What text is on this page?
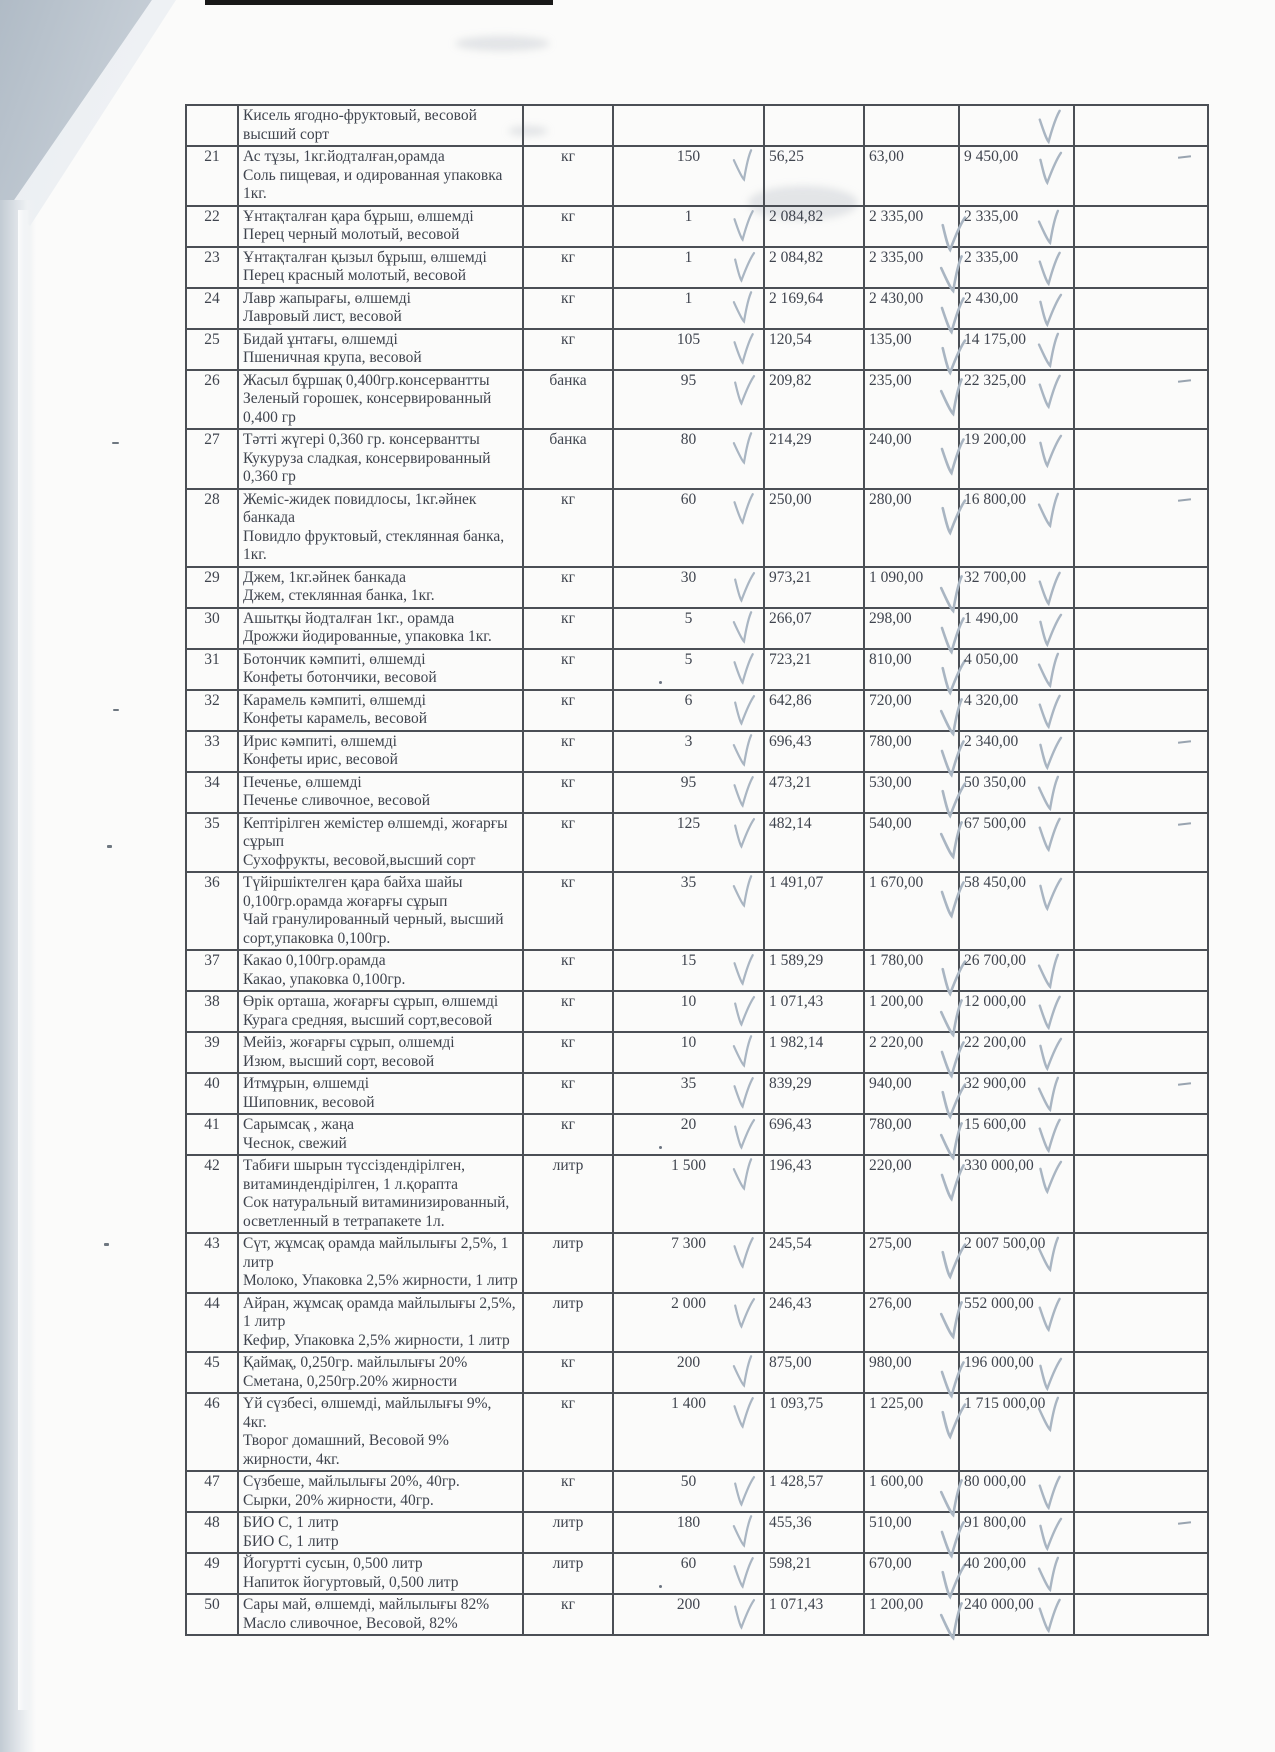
	Кисель ягодно-фруктовый, весовой высший сорт

21	Ас тұзы, 1кг.йодталған,орамда
Соль пищевая, и одированная упаковка 1кг.	кг	150	56,25	63,00	9 450,00

22	Ұнтақталған қара бұрыш, өлшемді
Перец черный молотый, весовой	кг	1	2 084,82	2 335,00	2 335,00

23	Ұнтақталған қызыл бұрыш, өлшемді
Перец красный молотый, весовой	кг	1	2 084,82	2 335,00	2 335,00

24	Лавр жапырағы, өлшемді
Лавровый лист, весовой	кг	1	2 169,64	2 430,00	2 430,00

25	Бидай ұнтағы, өлшемді
Пшеничная крупа, весовой	кг	105	120,54	135,00	14 175,00

26	Жасыл бұршақ 0,400гр.консервантты
Зеленый горошек, консервированный 0,400 гр	банка	95	209,82	235,00	22 325,00

27	Тәтті жүгері 0,360 гр. консервантты
Кукуруза сладкая, консервированный 0,360 гр	банка	80	214,29	240,00	19 200,00

28	Жеміс-жидек повидлосы, 1кг.әйнек банкада
Повидло фруктовый, стеклянная банка, 1кг.	кг	60	250,00	280,00	16 800,00

29	Джем, 1кг.әйнек банкада
Джем, стеклянная банка, 1кг.	кг	30	973,21	1 090,00	32 700,00

30	Ашытқы йодталған 1кг., орамда
Дрожжи йодированные, упаковка 1кг.	кг	5	266,07	298,00	1 490,00

31	Ботончик кәмпиті, өлшемді
Конфеты ботончики, весовой	кг	5	723,21	810,00	4 050,00

32	Карамель кәмпиті, өлшемді
Конфеты карамель, весовой	кг	6	642,86	720,00	4 320,00

33	Ирис кәмпиті, өлшемді
Конфеты ирис, весовой	кг	3	696,43	780,00	2 340,00

34	Печенье, өлшемді
Печенье сливочное, весовой	кг	95	473,21	530,00	50 350,00

35	Кептірілген жемістер өлшемді, жоғарғы сұрып
Сухофрукты, весовой,высший сорт	кг	125	482,14	540,00	67 500,00

36	Түйіршіктелген қара байха шайы 0,100гр.орамда жоғарғы сұрып
Чай гранулированный черный, высший сорт,упаковка 0,100гр.	кг	35	1 491,07	1 670,00	58 450,00

37	Какао 0,100гр.орамда
Какао, упаковка 0,100гр.	кг	15	1 589,29	1 780,00	26 700,00

38	Өрік орташа, жоғарғы сұрып, өлшемді
Курага средняя, высший сорт,весовой	кг	10	1 071,43	1 200,00	12 000,00

39	Мейіз, жоғарғы сұрып, олшемді
Изюм, высший сорт, весовой	кг	10	1 982,14	2 220,00	22 200,00

40	Итмұрын, өлшемді
Шиповник, весовой	кг	35	839,29	940,00	32 900,00

41	Сарымсақ , жаңа
Чеснок, свежий	кг	20	696,43	780,00	15 600,00

42	Табиғи шырын түссіздендірілген, витаминдендірілген, 1 л.қорапта
Сок натуральный витаминизированный, осветленный в тетрапакете 1л.	литр	1 500	196,43	220,00	330 000,00

43	Сүт, жұмсақ орамда майлылығы 2,5%, 1 литр
Молоко, Упаковка 2,5% жирности, 1 литр	литр	7 300	245,54	275,00	2 007 500,00

44	Айран, жұмсақ орамда майлылығы 2,5%, 1 литр
Кефир, Упаковка 2,5% жирности, 1 литр	литр	2 000	246,43	276,00	552 000,00

45	Қаймақ, 0,250гр. майлылығы 20%
Сметана, 0,250гр.20% жирности	кг	200	875,00	980,00	196 000,00

46	Үй сүзбесі, өлшемді, майлылығы 9%, 4кг.
Творог домашний, Весовой 9% жирности, 4кг.	кг	1 400	1 093,75	1 225,00	1 715 000,00

47	Сүзбеше, майлылығы 20%, 40гр.
Сырки, 20% жирности, 40гр.	кг	50	1 428,57	1 600,00	80 000,00

48	БИО С, 1 литр
БИО С, 1 литр	литр	180	455,36	510,00	91 800,00

49	Йогуртті сусын, 0,500 литр
Напиток йогуртовый, 0,500 литр	литр	60	598,21	670,00	40 200,00

50	Сары май, өлшемді, майлылығы 82%
Масло сливочное, Весовой, 82%	кг	200	1 071,43	1 200,00	240 000,00
